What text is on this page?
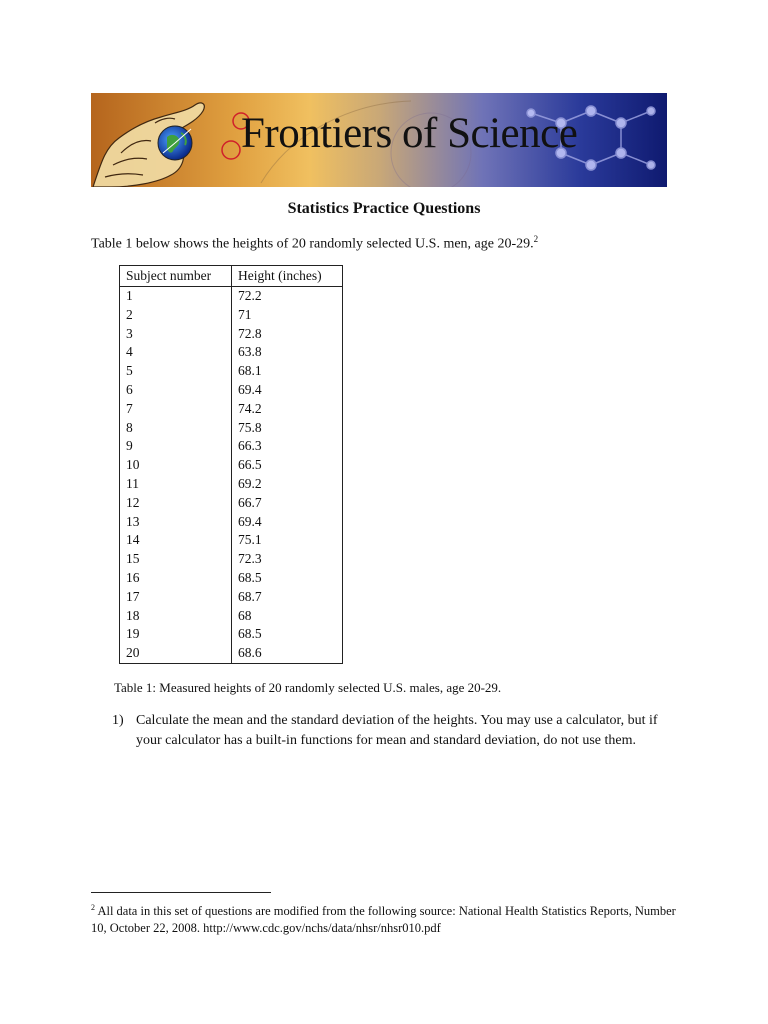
Frontiers of Science
Statistics Practice Questions
Table 1 below shows the heights of 20 randomly selected U.S. men, age 20-29.$^2$
Subject number	Height (inches)
1	72.2
2	71
3	72.8
4	63.8
5	68.1
6	69.4
7	74.2
8	75.8
9	66.3
10	66.5
11	69.2
12	66.7
13	69.4
14	75.1
15	72.3
16	68.5
17	68.7
18	68
19	68.5
20	68.6
Table 1: Measured heights of 20 randomly selected U.S. males, age 20-29.
1) Calculate the mean and the standard deviation of the heights. You may use a calculator, but if your calculator has a built-in functions for mean and standard deviation, do not use them.
$^2$ All data in this set of questions are modified from the following source: National Health Statistics Reports, Number 10, October 22, 2008. http://www.cdc.gov/nchs/data/nhsr/nhsr010.pdf
